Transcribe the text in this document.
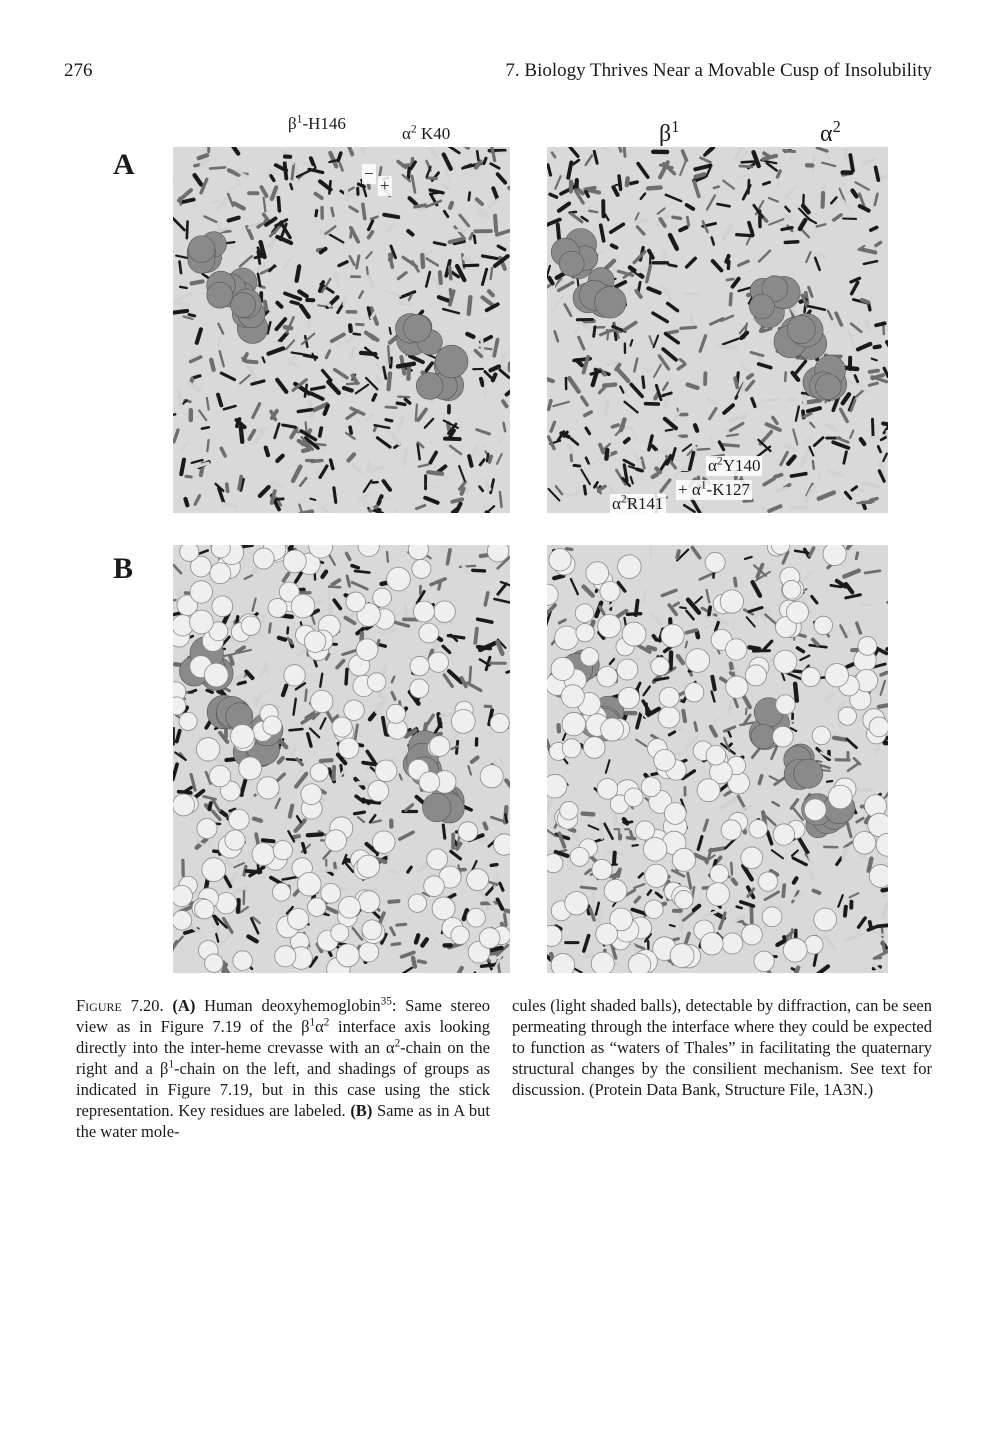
276	7. Biology Thrives Near a Movable Cusp of Insolubility
A
B
$\beta^1-H146$
$\alpha^2$ K40
−
+
$\beta^1$	$\alpha^2$
$\alpha^2Y140$
+ $\alpha^1-K127$
−
$\alpha^2R141$
Figure 7.20. (A) Human deoxyhemoglobin$^{35}$: Same stereo view as in Figure 7.19 of the $\beta^1\alpha^2$ interface axis looking directly into the inter-heme crevasse with an $\alpha^2$-chain on the right and a $\beta^1$-chain on the left, and shadings of groups as indicated in Figure 7.19, but in this case using the stick representation. Key residues are labeled. (B) Same as in A but the water mole-
cules (light shaded balls), detectable by diffraction, can be seen permeating through the interface where they could be expected to function as “waters of Thales” in facilitating the quaternary structural changes by the consilient mechanism. See text for discussion. (Protein Data Bank, Structure File, 1A3N.)
